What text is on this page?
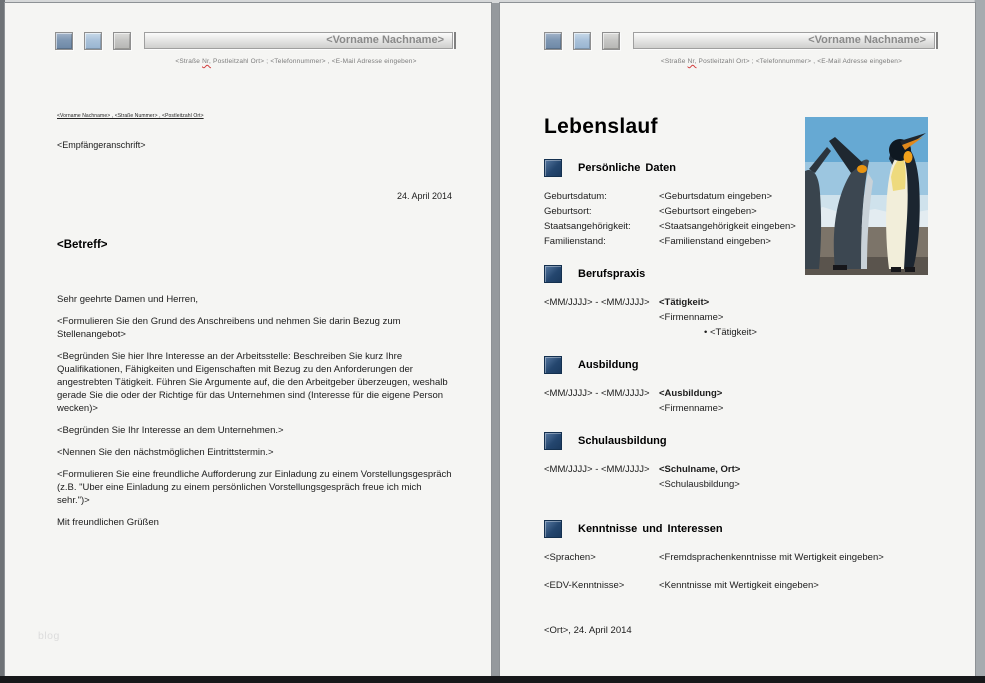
<Vorname Nachname>
<Straße Nr, Postleitzahl Ort> ; <Telefonnummer> , <E-Mail Adresse eingeben>
<Vorname Nachname> , <Straße Nummer> , <Postleitzahl Ort>
<Empfängeranschrift>
24. April 2014
<Betreff>

Sehr geehrte Damen und Herren,

<Formulieren Sie den Grund des Anschreibens und nehmen Sie darin Bezug zum Stellenangebot>

<Begründen Sie hier Ihre Interesse an der Arbeitsstelle: Beschreiben Sie kurz Ihre Qualifikationen, Fähigkeiten und Eigenschaften mit Bezug zu den Anforderungen der angestrebten Tätigkeit. Führen Sie Argumente auf, die den Arbeitgeber überzeugen, weshalb gerade Sie die oder der Richtige für das Unternehmen sind (Interesse für die eigene Person wecken)>

<Begründen Sie Ihr Interesse an dem Unternehmen.>

<Nennen Sie den nächstmöglichen Eintrittstermin.>

<Formulieren Sie eine freundliche Aufforderung zur Einladung zu einem Vorstellungsgespräch (z.B. "Uber eine Einladung zu einem persönlichen Vorstellungsgespräch freue ich mich sehr.")>

Mit freundlichen Grüßen

blog
<Vorname Nachname>
<Straße Nr, Postleitzahl Ort> ; <Telefonnummer> , <E-Mail Adresse eingeben>
Lebenslauf
Persönliche Daten
Geburtsdatum:	<Geburtsdatum eingeben>
Geburtsort:	<Geburtsort eingeben>
Staatsangehörigkeit:	<Staatsangehörigkeit eingeben>
Familienstand:	<Familienstand eingeben>
Berufspraxis
<MM/JJJJ> - <MM/JJJJ> <Tätigkeit>
<Firmenname>
• <Tätigkeit>
Ausbildung
<MM/JJJJ> - <MM/JJJJ> <Ausbildung>
<Firmenname>
Schulausbildung
<MM/JJJJ> - <MM/JJJJ> <Schulname, Ort>
<Schulausbildung>
Kenntnisse und Interessen
<Sprachen>	<Fremdsprachenkenntnisse mit Wertigkeit eingeben>
<EDV-Kenntnisse>	<Kenntnisse mit Wertigkeit eingeben>
<Ort>, 24. April 2014
